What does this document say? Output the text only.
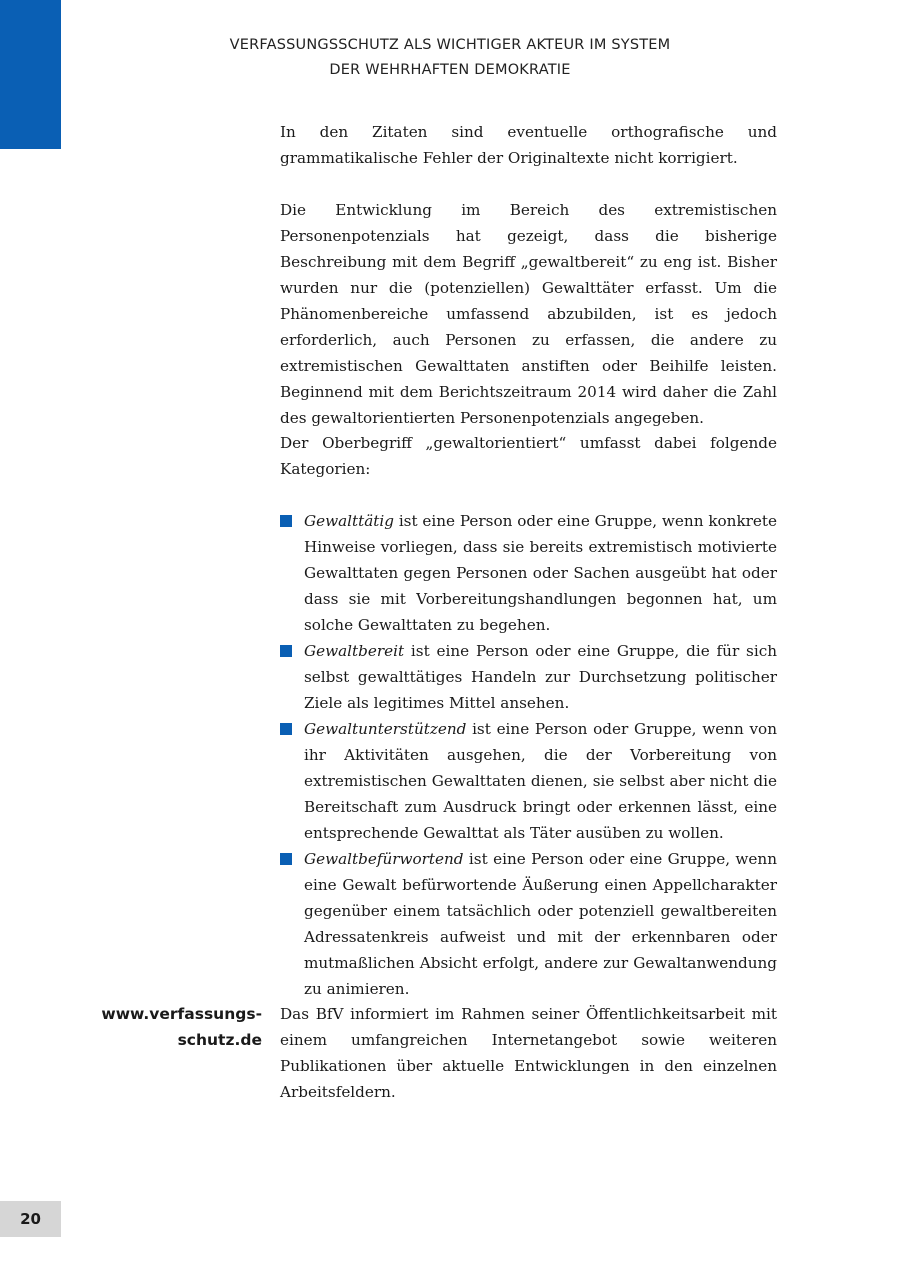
VERFASSUNGSSCHUTZ ALS WICHTIGER AKTEUR IM SYSTEM
DER WEHRHAFTEN DEMOKRATIE

In den Zitaten sind eventuelle orthografische und grammatikalische Fehler der Originaltexte nicht korrigiert.

Die Entwicklung im Bereich des extremistischen Personenpotenzials hat gezeigt, dass die bisherige Beschreibung mit dem Begriff „gewaltbereit“ zu eng ist. Bisher wurden nur die (potenziellen) Gewalttäter erfasst. Um die Phänomenbereiche umfassend abzubilden, ist es jedoch erforderlich, auch Personen zu erfassen, die andere zu extremistischen Gewalttaten anstiften oder Beihilfe leisten. Beginnend mit dem Berichtszeitraum 2014 wird daher die Zahl des gewaltorientierten Personenpotenzials angegeben.

Der Oberbegriff „gewaltorientiert“ umfasst dabei folgende Kategorien:

Gewalttätig ist eine Person oder eine Gruppe, wenn konkrete Hinweise vorliegen, dass sie bereits extremistisch motivierte Gewalttaten gegen Personen oder Sachen ausgeübt hat oder dass sie mit Vorbereitungshandlungen begonnen hat, um solche Gewalttaten zu begehen.
Gewaltbereit ist eine Person oder eine Gruppe, die für sich selbst gewalttätiges Handeln zur Durchsetzung politischer Ziele als legitimes Mittel ansehen.
Gewaltunterstützend ist eine Person oder Gruppe, wenn von ihr Aktivitäten ausgehen, die der Vorbereitung von extremistischen Gewalttaten dienen, sie selbst aber nicht die Bereitschaft zum Ausdruck bringt oder erkennen lässt, eine entsprechende Gewalttat als Täter ausüben zu wollen.
Gewaltbefürwortend ist eine Person oder eine Gruppe, wenn eine Gewalt befürwortende Äußerung einen Appellcharakter gegenüber einem tatsächlich oder potenziell gewaltbereiten Adressatenkreis aufweist und mit der erkennbaren oder mutmaßlichen Absicht erfolgt, andere zur Gewaltanwendung zu animieren.
www.verfassungs-
schutz.de

Das BfV informiert im Rahmen seiner Öffentlichkeitsarbeit mit einem umfangreichen Internetangebot sowie weiteren Publikationen über aktuelle Entwicklungen in den einzelnen Arbeitsfeldern.

20
